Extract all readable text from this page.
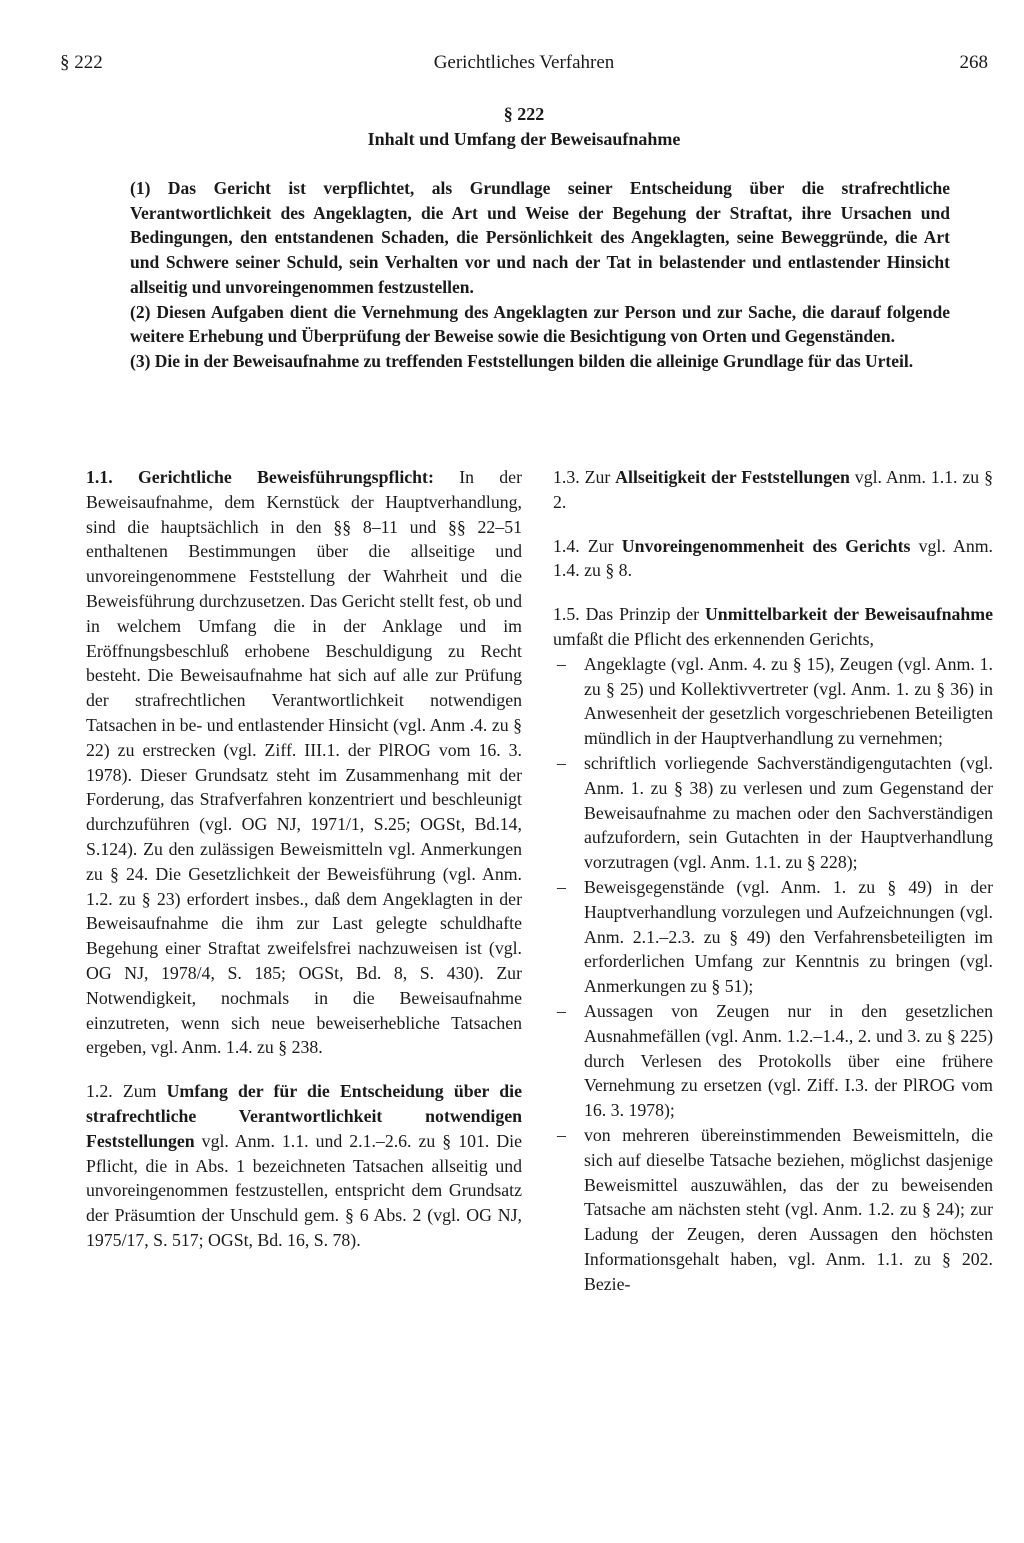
§ 222	Gerichtliches Verfahren	268
§ 222
Inhalt und Umfang der Beweisaufnahme

(1) Das Gericht ist verpflichtet, als Grundlage seiner Entscheidung über die strafrechtliche Verantwortlichkeit des Angeklagten, die Art und Weise der Begehung der Straftat, ihre Ursachen und Bedingungen, den entstandenen Schaden, die Persönlichkeit des Angeklagten, seine Beweggründe, die Art und Schwere seiner Schuld, sein Verhalten vor und nach der Tat in belastender und entlastender Hinsicht allseitig und unvoreingenommen festzustellen.

(2) Diesen Aufgaben dient die Vernehmung des Angeklagten zur Person und zur Sache, die darauf folgende weitere Erhebung und Überprüfung der Beweise sowie die Besichtigung von Orten und Gegenständen.

(3) Die in der Beweisaufnahme zu treffenden Feststellungen bilden die alleinige Grundlage für das Urteil.

1.1. Gerichtliche Beweisführungspflicht: In der Beweisaufnahme, dem Kernstück der Hauptverhandlung, sind die hauptsächlich in den §§ 8–11 und §§ 22–51 enthaltenen Bestimmungen über die allseitige und unvoreingenommene Feststellung der Wahrheit und die Beweisführung durchzusetzen. Das Gericht stellt fest, ob und in welchem Umfang die in der Anklage und im Eröffnungsbeschluß erhobene Beschuldigung zu Recht besteht. Die Beweisaufnahme hat sich auf alle zur Prüfung der strafrechtlichen Verantwortlichkeit notwendigen Tatsachen in be- und entlastender Hinsicht (vgl. Anm .4. zu § 22) zu erstrecken (vgl. Ziff. III.1. der PlROG vom 16. 3. 1978). Dieser Grundsatz steht im Zusammenhang mit der Forderung, das Strafverfahren konzentriert und beschleunigt durchzuführen (vgl. OG NJ, 1971/1, S.25; OGSt, Bd.14, S.124). Zu den zulässigen Beweismitteln vgl. Anmerkungen zu § 24. Die Gesetzlichkeit der Beweisführung (vgl. Anm. 1.2. zu § 23) erfordert insbes., daß dem Angeklagten in der Beweisaufnahme die ihm zur Last gelegte schuldhafte Begehung einer Straftat zweifelsfrei nachzuweisen ist (vgl. OG NJ, 1978/4, S. 185; OGSt, Bd. 8, S. 430). Zur Notwendigkeit, nochmals in die Beweisaufnahme einzutreten, wenn sich neue beweiserhebliche Tatsachen ergeben, vgl. Anm. 1.4. zu § 238.

1.2. Zum Umfang der für die Entscheidung über die strafrechtliche Verantwortlichkeit notwendigen Feststellungen vgl. Anm. 1.1. und 2.1.–2.6. zu § 101. Die Pflicht, die in Abs. 1 bezeichneten Tatsachen allseitig und unvoreingenommen festzustellen, entspricht dem Grundsatz der Präsumtion der Unschuld gem. § 6 Abs. 2 (vgl. OG NJ, 1975/17, S. 517; OGSt, Bd. 16, S. 78).

1.3. Zur Allseitigkeit der Feststellungen vgl. Anm. 1.1. zu § 2.

1.4. Zur Unvoreingenommenheit des Gerichts vgl. Anm. 1.4. zu § 8.

1.5. Das Prinzip der Unmittelbarkeit der Beweisaufnahme umfaßt die Pflicht des erkennenden Gerichts,
– Angeklagte (vgl. Anm. 4. zu § 15), Zeugen (vgl. Anm. 1. zu § 25) und Kollektivvertreter (vgl. Anm. 1. zu § 36) in Anwesenheit der gesetzlich vorgeschriebenen Beteiligten mündlich in der Hauptverhandlung zu vernehmen;
– schriftlich vorliegende Sachverständigengutachten (vgl. Anm. 1. zu § 38) zu verlesen und zum Gegenstand der Beweisaufnahme zu machen oder den Sachverständigen aufzufordern, sein Gutachten in der Hauptverhandlung vorzutragen (vgl. Anm. 1.1. zu § 228);
– Beweisgegenstände (vgl. Anm. 1. zu § 49) in der Hauptverhandlung vorzulegen und Aufzeichnungen (vgl. Anm. 2.1.–2.3. zu § 49) den Verfahrensbeteiligten im erforderlichen Umfang zur Kenntnis zu bringen (vgl. Anmerkungen zu § 51);
– Aussagen von Zeugen nur in den gesetzlichen Ausnahmefällen (vgl. Anm. 1.2.–1.4., 2. und 3. zu § 225) durch Verlesen des Protokolls über eine frühere Vernehmung zu ersetzen (vgl. Ziff. I.3. der PlROG vom 16. 3. 1978);
– von mehreren übereinstimmenden Beweismitteln, die sich auf dieselbe Tatsache beziehen, möglichst dasjenige Beweismittel auszuwählen, das der zu beweisenden Tatsache am nächsten steht (vgl. Anm. 1.2. zu § 24); zur Ladung der Zeugen, deren Aussagen den höchsten Informationsgehalt haben, vgl. Anm. 1.1. zu § 202. Bezie-
